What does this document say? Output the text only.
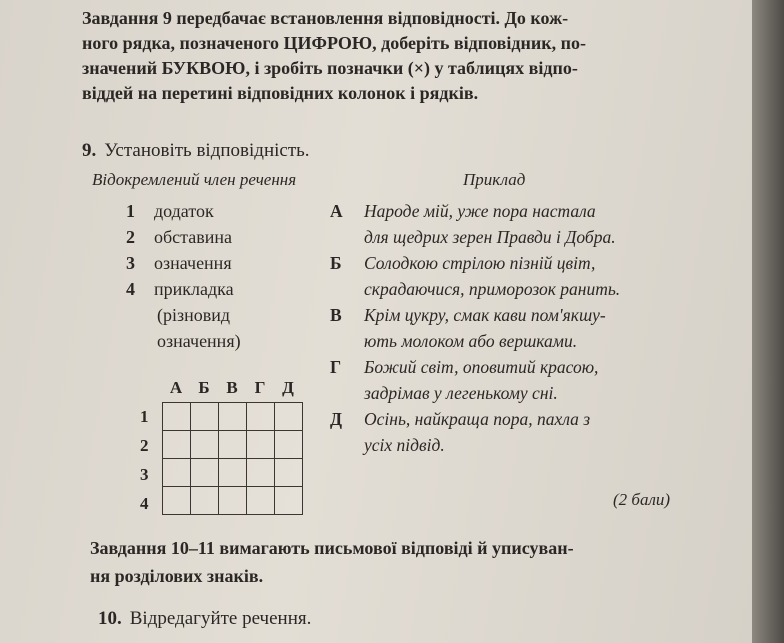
Завдання 9 передбачає встановлення відповідності. До кож-
ного рядка, позначеного ЦИФРОЮ, доберіть відповідник, по-
значений БУКВОЮ, і зробіть позначки (×) у таблицях відпо-
віддей на перетині відповідних колонок і рядків.
9. Установіть відповідність.
Відокремлений член речення	Приклад
1 додаток
2 обставина
3 означення
4 прикладка
(різновид
означення)
А	Народе мій, уже пора настала
для щедрих зерен Правди і Добра.
Б	Солодкою стрілою пізній цвіт,
скрадаючися, приморозок ранить.
В	Крім цукру, смак кави пом'якшу-
ють молоком або вершками.
Г	Божий світ, оповитий красою,
задрімав у легенькому сні.
Д	Осінь, найкраща пора, пахла з
усіх підвід.
А Б В Г Д
1
2
3
4

					(2 бали)
Завдання 10–11 вимагають письмової відповіді й уписуван-
ня розділових знаків.
10. Відредагуйте речення.
